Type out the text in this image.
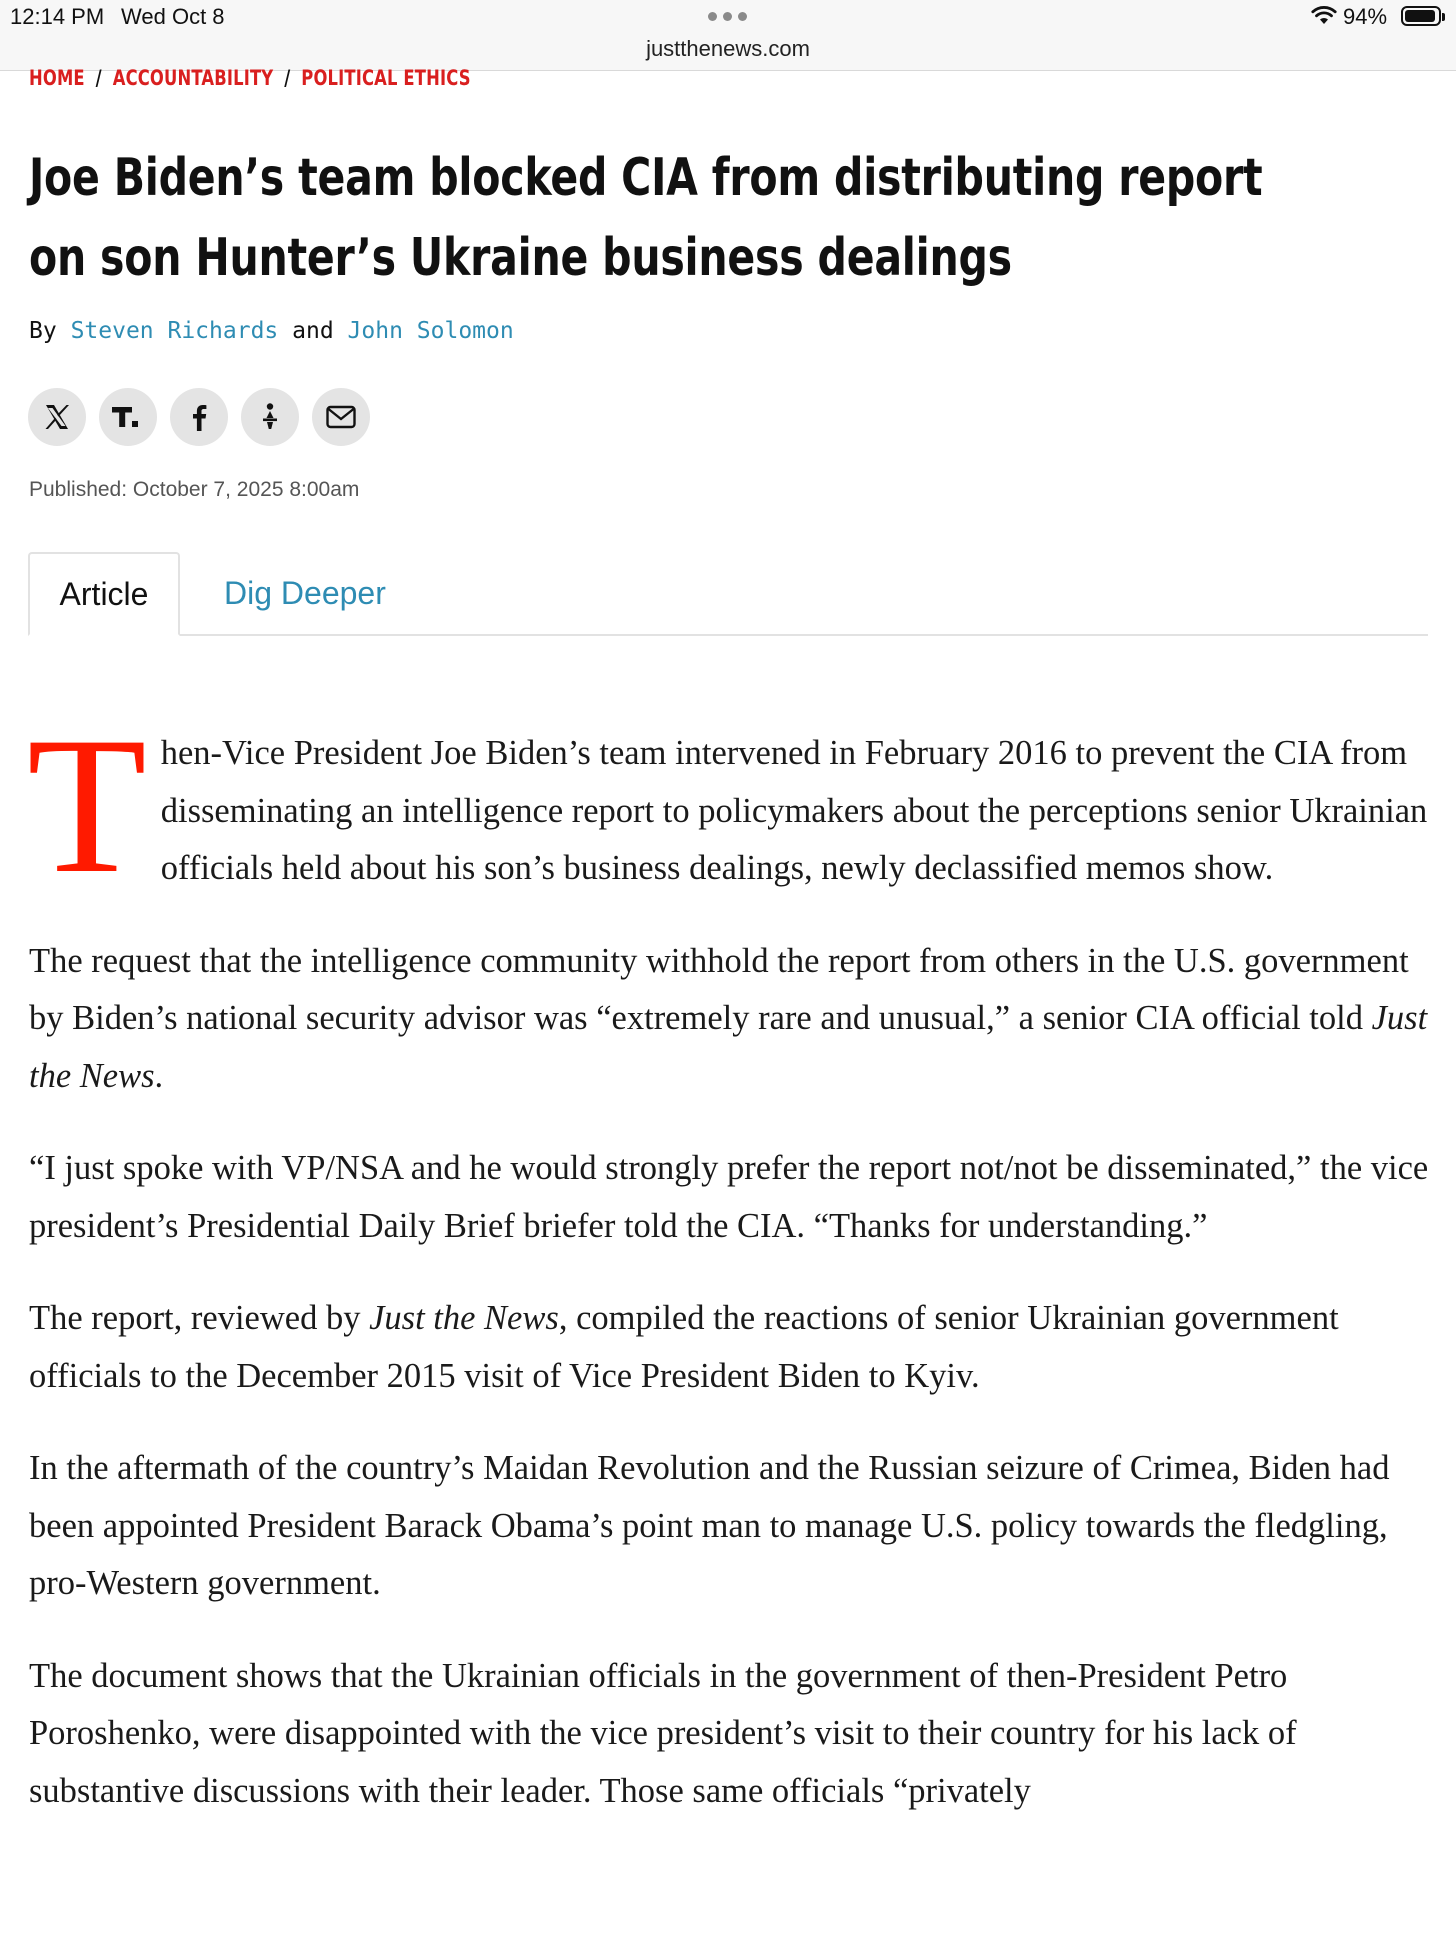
12:14 PM Wed Oct 8
justthenews.com
94%
HOME / ACCOUNTABILITY / POLITICAL ETHICS
Joe Biden’s team blocked CIA from distributing report on son Hunter’s Ukraine business dealings
By Steven Richards and John Solomon
Published: October 7, 2025 8:00am
Article	Dig Deeper

Then-Vice President Joe Biden’s team intervened in February 2016 to prevent the CIA from disseminating an intelligence report to policymakers about the perceptions senior Ukrainian officials held about his son’s business dealings, newly declassified memos show.

The request that the intelligence community withhold the report from others in the U.S. government by Biden’s national security advisor was “extremely rare and unusual,” a senior CIA official told Just the News.

“I just spoke with VP/NSA and he would strongly prefer the report not/not be disseminated,” the vice president’s Presidential Daily Brief briefer told the CIA. “Thanks for understanding.”

The report, reviewed by Just the News, compiled the reactions of senior Ukrainian government officials to the December 2015 visit of Vice President Biden to Kyiv.

In the aftermath of the country’s Maidan Revolution and the Russian seizure of Crimea, Biden had been appointed President Barack Obama’s point man to manage U.S. policy towards the fledgling, pro-Western government.

The document shows that the Ukrainian officials in the government of then-President Petro Poroshenko, were disappointed with the vice president’s visit to their country for his lack of substantive discussions with their leader. Those same officials “privately
